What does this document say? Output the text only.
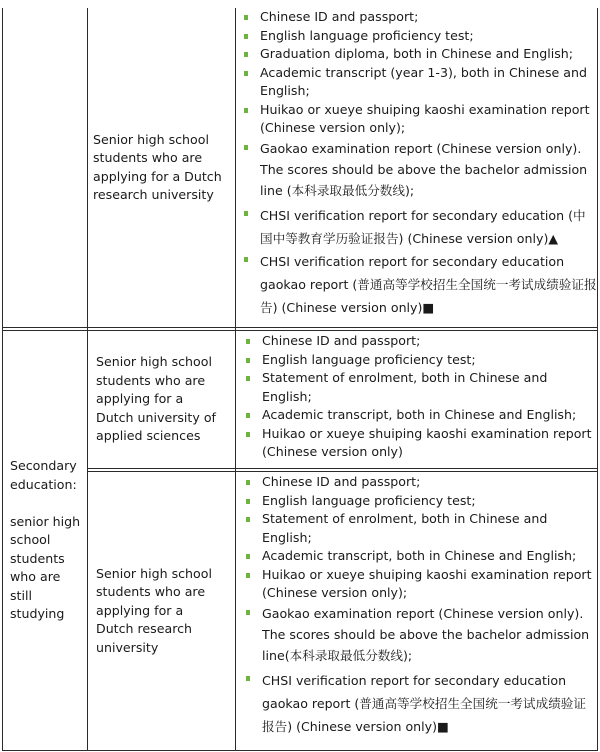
Senior high school
students who are
applying for a Dutch
research university
Chinese ID and passport;
English language proficiency test;
Graduation diploma, both in Chinese and English;
Academic transcript (year 1-3), both in Chinese and English;
Huikao or xueye shuiping kaoshi examination report (Chinese version only);
Gaokao examination report (Chinese version only). The scores should be above the bachelor admission line (本科录取最低分数线);
CHSI verification report for secondary education (中国中等教育学历验证报告) (Chinese version only)▲
CHSI verification report for secondary education gaokao report (普通高等学校招生全国统一考试成绩验证报告) (Chinese version only)■
Secondary
education:

senior high
school
students
who are
still
studying
Senior high school
students who are
applying for a
Dutch university of
applied sciences
Chinese ID and passport;
English language proficiency test;
Statement of enrolment, both in Chinese and English;
Academic transcript, both in Chinese and English;
Huikao or xueye shuiping kaoshi examination report (Chinese version only)
Senior high school
students who are
applying for a
Dutch research
university
Chinese ID and passport;
English language proficiency test;
Statement of enrolment, both in Chinese and English;
Academic transcript, both in Chinese and English;
Huikao or xueye shuiping kaoshi examination report (Chinese version only);
Gaokao examination report (Chinese version only). The scores should be above the bachelor admission line(本科录取最低分数线);
CHSI verification report for secondary education gaokao report (普通高等学校招生全国统一考试成绩验证报告) (Chinese version only)■
